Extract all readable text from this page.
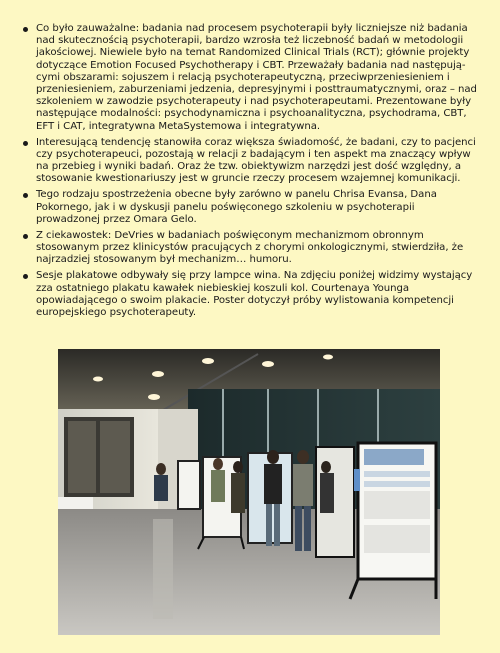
Co było zauważalne: badania nad procesem psychoterapii były liczniejsze niż badania nad skutecznością psychoterapii, bardzo wzrosła też liczebność badań w metodologii jakościowej. Niewiele było na temat Randomized Clinical Trials (RCT); głównie projekty dotyczące Emotion Focused Psychotherapy i CBT. Przeważały badania nad następują-cymi obszarami: sojuszem i relacją psychoterapeutyczną, przeciwprzeniesieniem i przeniesieniem, zaburzeniami jedzenia, depresyjnymi i posttraumatycznymi, oraz – nad szkoleniem w zawodzie psychoterapeuty i nad psychoterapeutami. Prezentowane były następujące modalności: psychodynamiczna i psychoanalityczna, psychodrama, CBT, EFT i CAT, integratywna MetaSystemowa i integratywna.
Interesującą tendencję stanowiła coraz większa świadomość, że badani, czy to pacjenci czy psychoterapeuci, pozostają w relacji z badającym i ten aspekt ma znaczący wpływ na przebieg i wyniki badań. Oraz że tzw. obiektywizm narzędzi jest dość względny, a stosowanie kwestionariuszy jest w gruncie rzeczy procesem wzajemnej komunikacji.
Tego rodzaju spostrzeżenia obecne były zarówno w panelu Chrisa Evansa, Dana Pokornego, jak i w dyskusji panelu poświęconego szkoleniu w psychoterapii prowadzonej przez Omara Gelo.
Z ciekawostek: DeVries w badaniach poświęconym mechanizmom obronnym stosowanym przez klinicystów pracujących z chorymi onkologicznymi, stwierdziła, że najrzadziej stosowanym był mechanizm… humoru.
Sesje plakatowe odbywały się przy lampce wina. Na zdjęciu poniżej widzimy wystający zza ostatniego plakatu kawałek niebieskiej koszuli kol. Courtenaya Younga opowiadającego o swoim plakacie. Poster dotyczył próby wylistowania kompetencji europejskiego psychoterapeuty.
